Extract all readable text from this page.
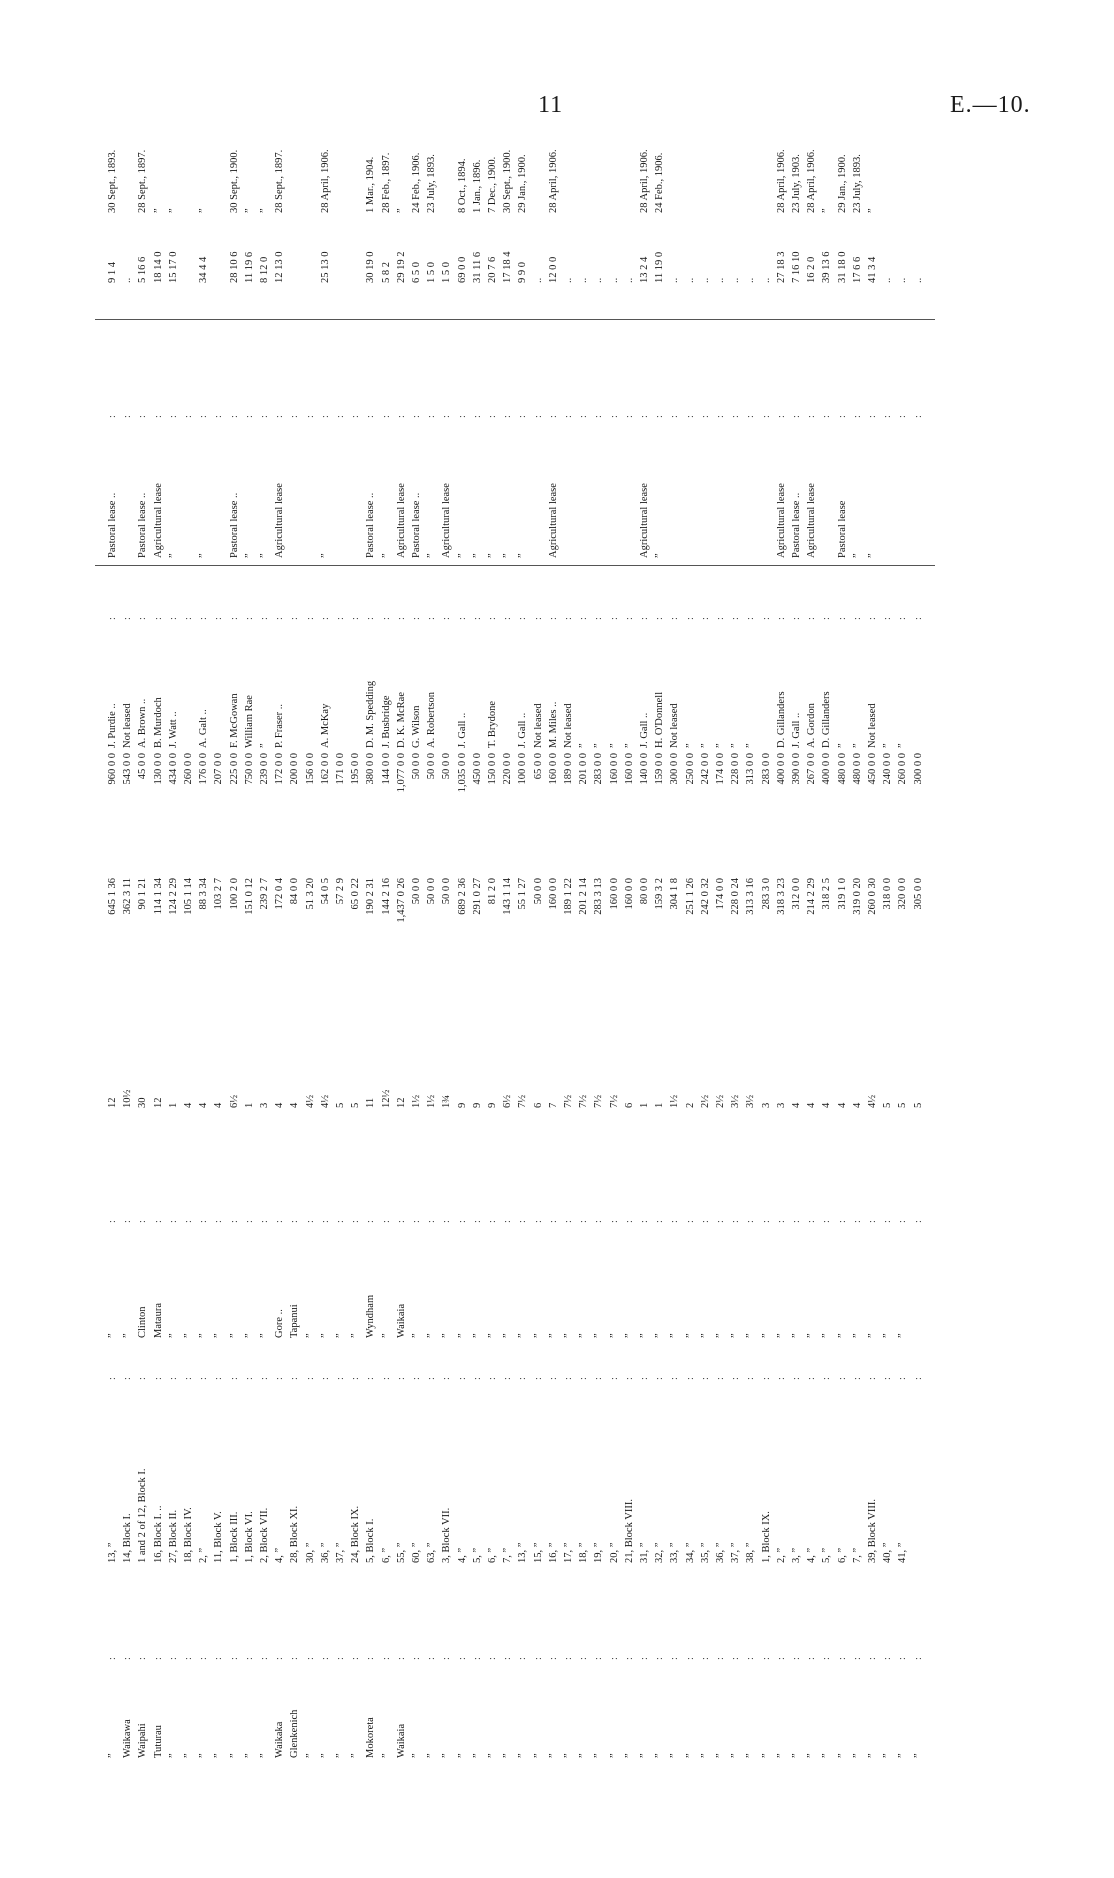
11	E.—10.
”
13, ”
”
12
645 1 36
960 0 0
J. Purdie ..
Pastoral lease ..
9 1 4
30 Sept., 1893.
:
:
:
:
:
Waikawa
14, Block I.
”
10½
362 3 11
543 0 0
Not leased
..
:
:
:
:
:
Waipahi
1 and 2 of 12, Block I.
Clinton
30
90 1 21
45 0 0
A. Brown ..
Pastoral lease ..
5 16 6
28 Sept., 1897.
:
:
:
:
:
Tuturau
16, Block I. ..
Mataura
12
114 1 34
130 0 0
B. Murdoch
Agricultural lease
18 14 0
”
:
:
:
:
:
”
27, Block II.
”
1
124 2 29
434 0 0
J. Watt ..
”
15 17 0
”
:
:
:
:
:
”
18, Block IV.
”
4
105 1 14
260 0 0
:
:
:
:
:
”
2, ”
”
4
88 3 34
176 0 0
A. Galt ..
”
34 4 4
”
:
:
:
:
:
”
11, Block V.
”
4
103 2 7
207 0 0
:
:
:
:
:
”
1, Block III.
”
6½
100 2 0
225 0 0
F. McGowan
Pastoral lease ..
28 10 6
30 Sept., 1900.
:
:
:
:
:
”
1, Block VI.
”
1
151 0 12
750 0 0
William Rae
”
11 19 6
”
:
:
:
:
:
”
2, Block VII.
”
3
239 2 7
239 0 0
”
”
8 12 0
”
:
:
:
:
:
Waikaka
4, ”
Gore ..
4
172 0 4
172 0 0
P. Fraser ..
Agricultural lease
12 13 0
28 Sept., 1897.
:
:
:
:
:
Glenkenich
28, Block XI.
Tapanui
4
84 0 0
200 0 0
:
:
:
:
:
”
30, ”
”
4½
51 3 20
156 0 0
:
:
:
:
:
”
36, ”
”
4½
54 0 5
162 0 0
A. McKay
”
25 13 0
28 April, 1906.
:
:
:
:
:
”
37, ”
”
5
57 2 9
171 0 0
:
:
:
:
:
”
24, Block IX.
”
5
65 0 22
195 0 0
:
:
:
:
:
Mokoreta
5, Block I.
Wyndham
11
190 2 31
380 0 0
D. M. Spedding
Pastoral lease ..
30 19 0
1 Mar., 1904.
:
:
:
:
:
”
6, ”
”
12½
144 2 16
144 0 0
J. Busbridge
”
5 8 2
28 Feb., 1897.
:
:
:
:
:
Waikaia
55, ”
Waikaia
12
1,437 0 26
1,077 0 0
D. K. McRae
Agricultural lease
29 19 2
”
:
:
:
:
:
”
60, ”
”
1½
50 0 0
50 0 0
G. Wilson
Pastoral lease ..
6 5 0
24 Feb., 1906.
:
:
:
:
:
”
63, ”
”
1½
50 0 0
50 0 0
A. Robertson
”
1 5 0
23 July, 1893.
:
:
:
:
:
”
3, Block VII.
”
1¾
50 0 0
50 0 0
Agricultural lease
1 5 0
:
:
:
:
:
”
4, ”
”
9
689 2 36
1,035 0 0
J. Gall ..
”
69 0 0
8 Oct., 1894.
:
:
:
:
:
”
5, ”
”
9
291 0 27
450 0 0
”
31 11 6
1 Jan., 1896.
:
:
:
:
:
”
6, ”
”
9
81 2 0
150 0 0
T. Brydone
”
20 7 6
7 Dec., 1900.
:
:
:
:
:
”
7, ”
”
6½
143 1 14
220 0 0
”
17 18 4
30 Sept., 1900.
:
:
:
:
:
”
13, ”
”
7½
55 1 27
100 0 0
J. Gall ..
”
9 9 0
29 Jan., 1900.
:
:
:
:
:
”
15, ”
”
6
50 0 0
65 0 0
Not leased
..
:
:
:
:
:
”
16, ”
”
7
160 0 0
160 0 0
M. Miles ..
Agricultural lease
12 0 0
28 April, 1906.
:
:
:
:
:
”
17, ”
”
7½
189 1 22
189 0 0
Not leased
..
:
:
:
:
:
”
18, ”
”
7½
201 2 14
201 0 0
”
..
:
:
:
:
:
”
19, ”
”
7½
283 3 13
283 0 0
”
..
:
:
:
:
:
”
20, ”
”
7½
160 0 0
160 0 0
”
..
:
:
:
:
:
”
21, Block VIII.
”
6
160 0 0
160 0 0
”
..
:
:
:
:
:
”
31, ”
”
1
80 0 0
140 0 0
J. Gall ..
Agricultural lease
13 2 4
28 April, 1906.
:
:
:
:
:
”
32, ”
”
1
159 3 2
159 0 0
H. O'Donnell
”
11 19 0
24 Feb., 1906.
:
:
:
:
:
”
33, ”
”
1½
304 1 8
300 0 0
Not leased
..
:
:
:
:
:
”
34, ”
”
2
251 1 26
250 0 0
”
..
:
:
:
:
:
”
35, ”
”
2½
242 0 32
242 0 0
”
..
:
:
:
:
:
”
36, ”
”
2½
174 0 0
174 0 0
”
..
:
:
:
:
:
”
37, ”
”
3½
228 0 24
228 0 0
”
..
:
:
:
:
:
”
38, ”
”
3½
313 3 16
313 0 0
”
..
:
:
:
:
:
”
1, Block IX.
”
3
283 3 0
283 0 0
..
:
:
:
:
:
”
2, ”
”
3
318 3 23
400 0 0
D. Gillanders
Agricultural lease
27 18 3
28 April, 1906.
:
:
:
:
:
”
3, ”
”
4
312 0 0
390 0 0
J. Gall ..
Pastoral lease ..
7 16 10
23 July, 1903.
:
:
:
:
:
”
4, ”
”
4
214 2 29
267 0 0
A. Gordon
Agricultural lease
16 2 0
28 April, 1906.
:
:
:
:
:
”
5, ”
”
4
318 2 5
400 0 0
D. Gillanders
39 13 6
”
:
:
:
:
:
”
6, ”
”
4
319 1 0
480 0 0
”
Pastoral lease
31 18 0
29 Jan., 1900.
:
:
:
:
:
”
7, ”
”
4
319 0 20
480 0 0
”
”
17 6 6
23 July, 1893.
:
:
:
:
:
”
39, Block VIII.
”
4½
260 0 30
450 0 0
Not leased
”
41 3 4
”
:
:
:
:
:
”
40, ”
”
5
318 0 0
240 0 0
”
..
:
:
:
:
:
”
41, ”
”
5
320 0 0
260 0 0
”
..
:
:
:
:
:
”
5
305 0 0
300 0 0
..
:
:
:
:
:
